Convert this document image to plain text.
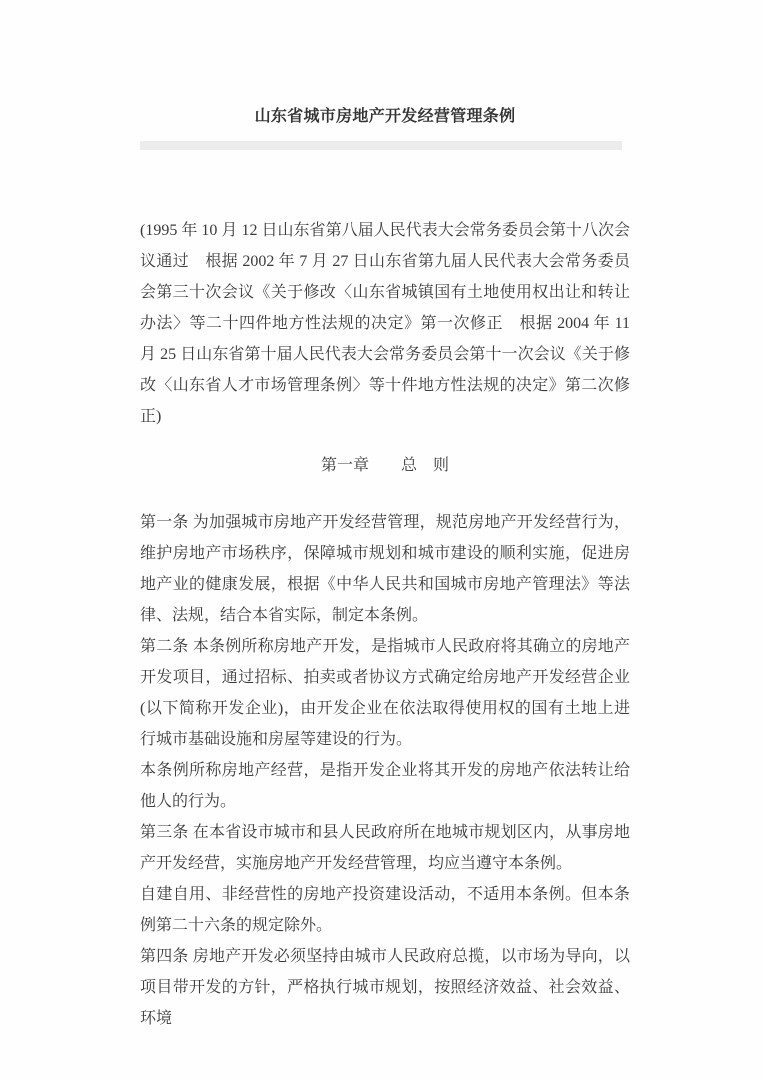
山东省城市房地产开发经营管理条例

(1995 年 10 月 12 日山东省第八届人民代表大会常务委员会第十八次会议通过　根据 2002 年 7 月 27 日山东省第九届人民代表大会常务委员会第三十次会议《关于修改〈山东省城镇国有土地使用权出让和转让办法〉等二十四件地方性法规的决定》第一次修正　根据 2004 年 11 月 25 日山东省第十届人民代表大会常务委员会第十一次会议《关于修改〈山东省人才市场管理条例〉等十件地方性法规的决定》第二次修正)

第一章　　总　则

第一条 为加强城市房地产开发经营管理，规范房地产开发经营行为，维护房地产市场秩序，保障城市规划和城市建设的顺利实施，促进房地产业的健康发展，根据《中华人民共和国城市房地产管理法》等法律、法规，结合本省实际，制定本条例。

第二条 本条例所称房地产开发，是指城市人民政府将其确立的房地产开发项目，通过招标、拍卖或者协议方式确定给房地产开发经营企业(以下简称开发企业)，由开发企业在依法取得使用权的国有土地上进行城市基础设施和房屋等建设的行为。

本条例所称房地产经营，是指开发企业将其开发的房地产依法转让给他人的行为。

第三条 在本省设市城市和县人民政府所在地城市规划区内，从事房地产开发经营，实施房地产开发经营管理，均应当遵守本条例。

自建自用、非经营性的房地产投资建设活动，不适用本条例。但本条例第二十六条的规定除外。

第四条 房地产开发必须坚持由城市人民政府总揽，以市场为导向，以项目带开发的方针，严格执行城市规划，按照经济效益、社会效益、环境
